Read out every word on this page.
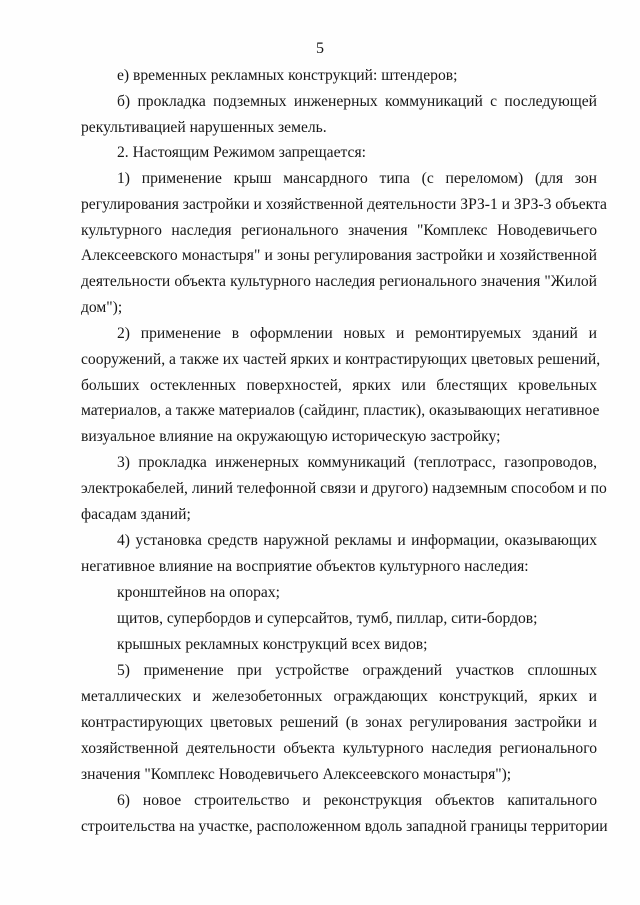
5
е) временных рекламных конструкций: штендеров;
б) прокладка подземных инженерных коммуникаций с последующей
рекультивацией нарушенных земель.
2. Настоящим Режимом запрещается:
1) применение крыш мансардного типа (с переломом) (для зон
регулирования застройки и хозяйственной деятельности ЗРЗ-1 и ЗРЗ-3 объекта
культурного наследия регионального значения "Комплекс Новодевичьего
Алексеевского монастыря" и зоны регулирования застройки и хозяйственной
деятельности объекта культурного наследия регионального значения "Жилой
дом");
2) применение в оформлении новых и ремонтируемых зданий и
сооружений, а также их частей ярких и контрастирующих цветовых решений,
больших остекленных поверхностей, ярких или блестящих кровельных
материалов, а также материалов (сайдинг, пластик), оказывающих негативное
визуальное влияние на окружающую историческую застройку;
3) прокладка инженерных коммуникаций (теплотрасс, газопроводов,
электрокабелей, линий телефонной связи и другого) надземным способом и по
фасадам зданий;
4) установка средств наружной рекламы и информации, оказывающих
негативное влияние на восприятие объектов культурного наследия:
кронштейнов на опорах;
щитов, супербордов и суперсайтов, тумб, пиллар, сити-бордов;
крышных рекламных конструкций всех видов;
5) применение при устройстве ограждений участков сплошных
металлических и железобетонных ограждающих конструкций, ярких и
контрастирующих цветовых решений (в зонах регулирования застройки и
хозяйственной деятельности объекта культурного наследия регионального
значения "Комплекс Новодевичьего Алексеевского монастыря");
6) новое строительство и реконструкция объектов капитального
строительства на участке, расположенном вдоль западной границы территории
